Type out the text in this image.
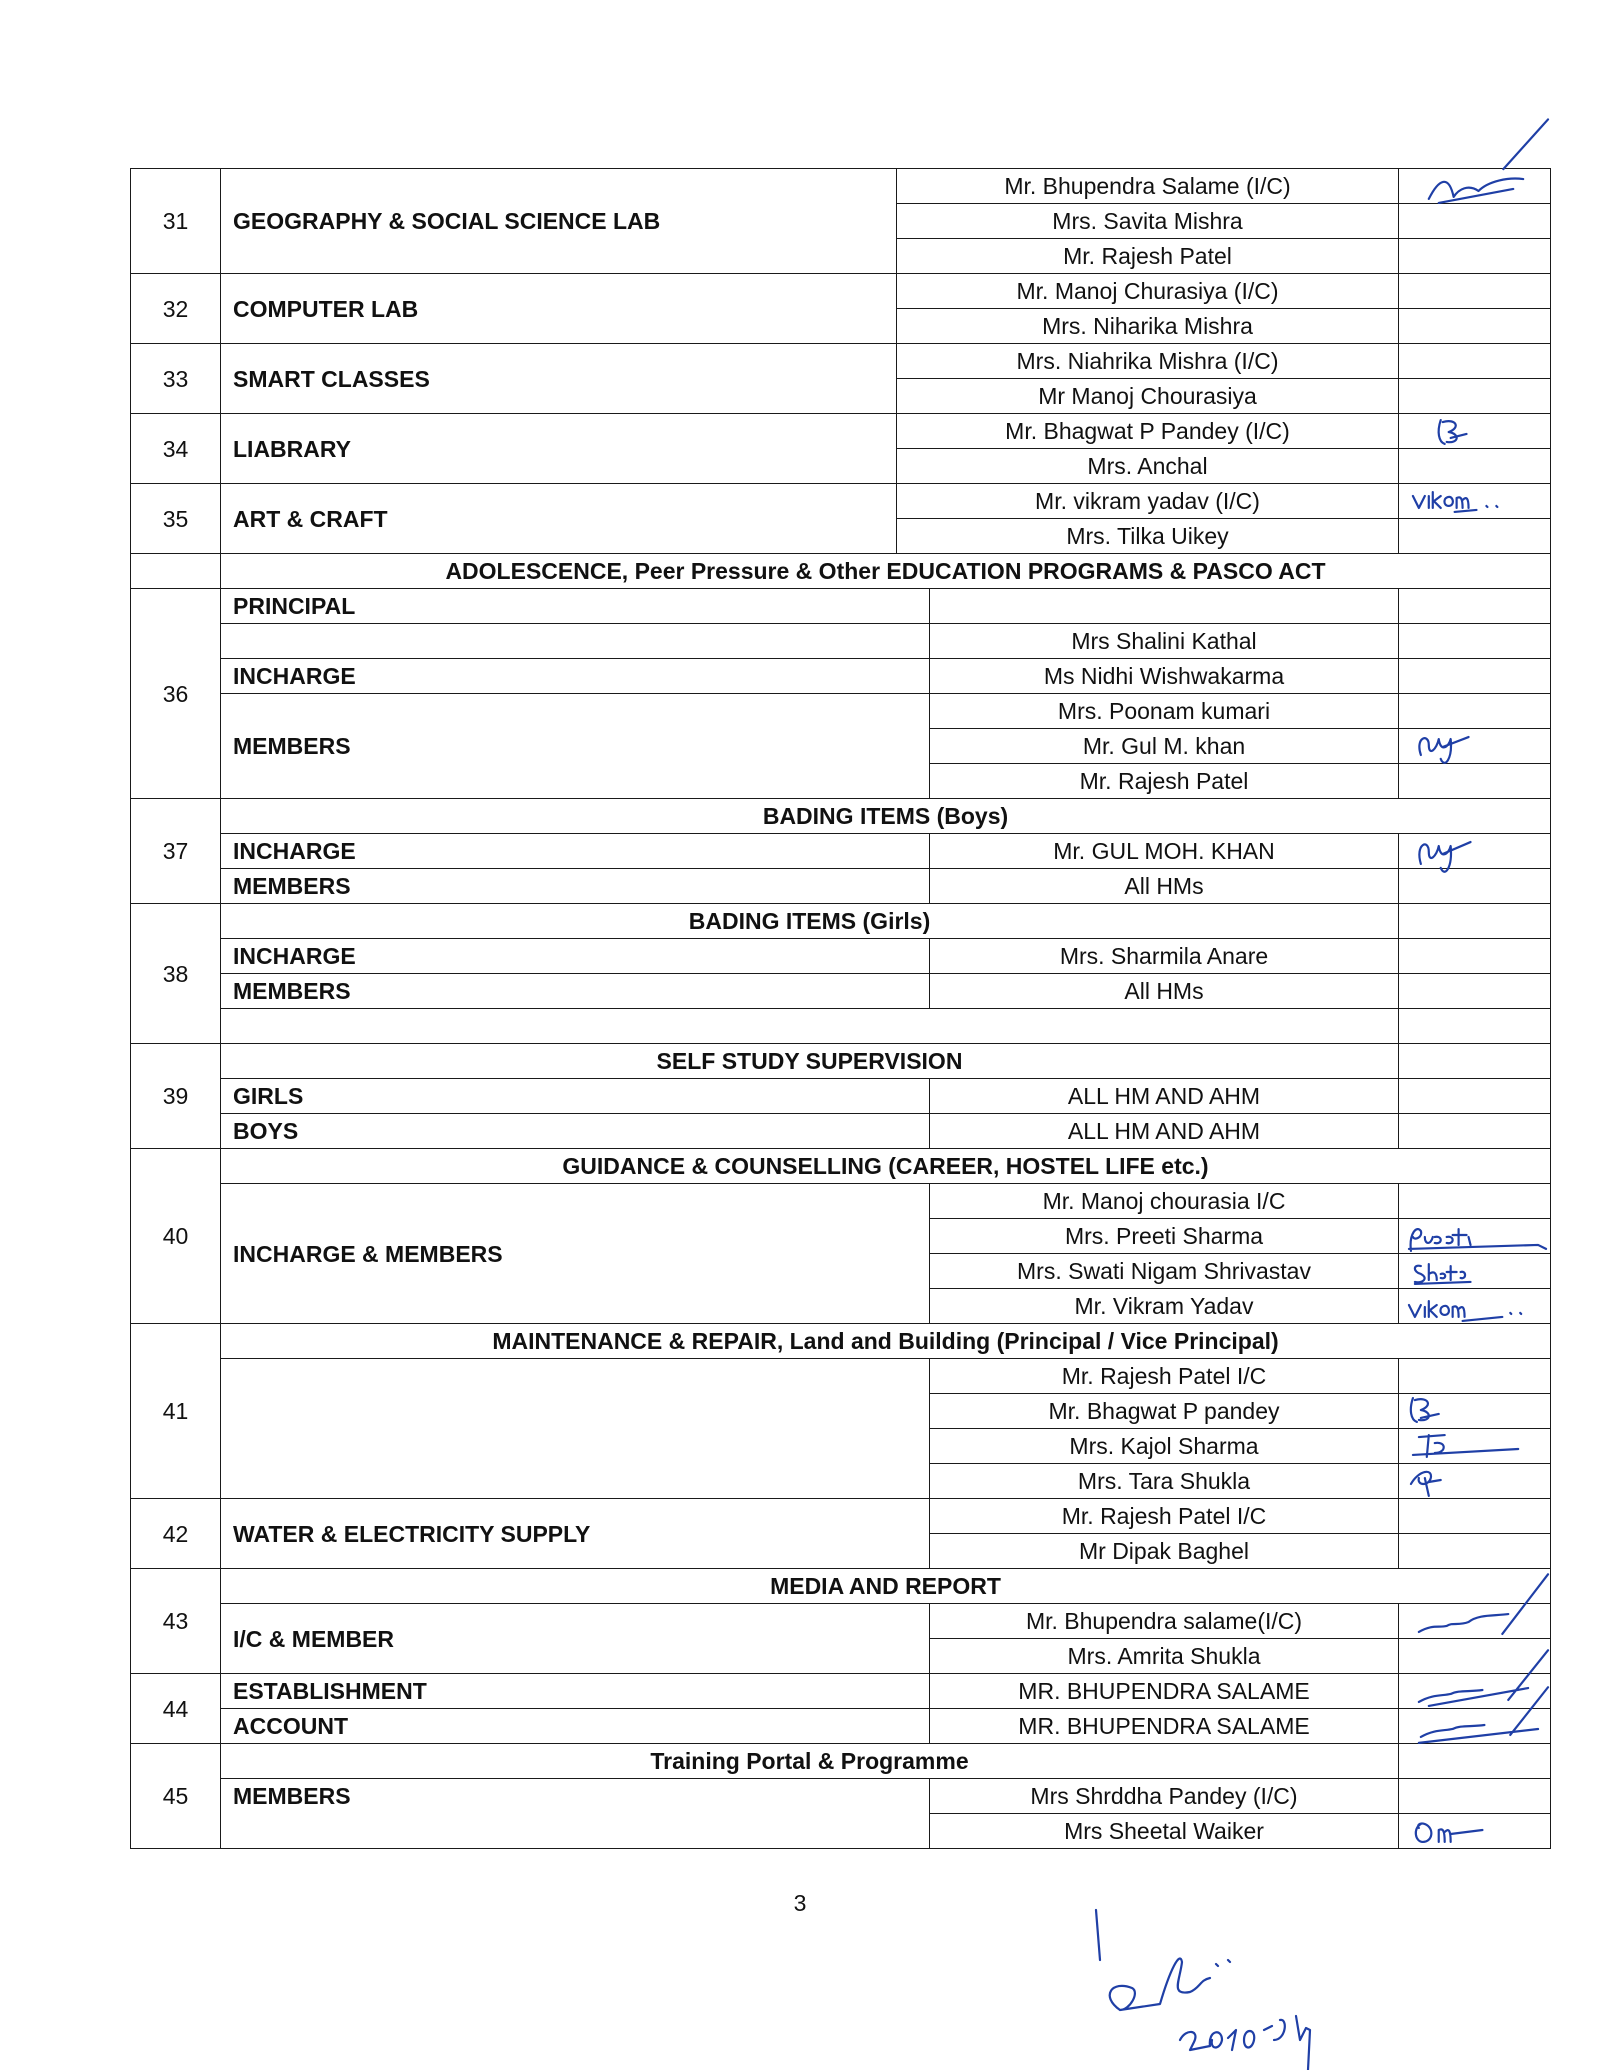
31	GEOGRAPHY & SOCIAL SCIENCE LAB	Mr. Bhupendra Salame (I/C)	

		Mrs. Savita Mishra		
		Mr. Rajesh Patel		
32	COMPUTER LAB	Mr. Manoj Churasiya (I/C)		
		Mrs. Niharika Mishra		
33	SMART CLASSES	Mrs. Niahrika Mishra (I/C)		
		Mr Manoj Chourasiya		
34	LIABRARY	Mr. Bhagwat P Pandey (I/C)	

		Mrs. Anchal		
35	ART & CRAFT	Mr. vikram yadav (I/C)	

		Mrs. Tilka Uikey		
	ADOLESCENCE, Peer Pressure & Other EDUCATION PROGRAMS & PASCO ACT			
36	PRINCIPAL			
			Mrs Shalini Kathal	
	INCHARGE		Ms Nidhi Wishwakarma	
	MEMBERS		Mrs. Poonam kumari	
			Mr. Gul M. khan	

			Mr. Rajesh Patel	
37	BADING ITEMS (Boys)			
	INCHARGE		Mr. GUL MOH. KHAN	

	MEMBERS		All HMs	
38	BADING ITEMS (Girls)			
	INCHARGE		Mrs. Sharmila Anare	
	MEMBERS		All HMs	

39	SELF STUDY SUPERVISION			
	GIRLS		ALL HM AND AHM	
	BOYS		ALL HM AND AHM	
40	GUIDANCE & COUNSELLING (CAREER, HOSTEL LIFE etc.)			
	INCHARGE & MEMBERS		Mr. Manoj chourasia I/C	
			Mrs. Preeti Sharma	

			Mrs. Swati Nigam Shrivastav	

			Mr. Vikram Yadav	

41	MAINTENANCE & REPAIR, Land and Building (Principal / Vice Principal)			
			Mr. Rajesh Patel I/C	
			Mr. Bhagwat P pandey	

			Mrs. Kajol Sharma	

			Mrs. Tara Shukla	

42	WATER & ELECTRICITY SUPPLY		Mr. Rajesh Patel I/C	
			Mr Dipak Baghel	
43	MEDIA AND REPORT			
	I/C & MEMBER		Mr. Bhupendra salame(I/C)	

			Mrs. Amrita Shukla	
44	ESTABLISHMENT		MR. BHUPENDRA SALAME	

	ACCOUNT		MR. BHUPENDRA SALAME	

45	Training Portal & Programme			
	MEMBERS		Mrs Shrddha Pandey (I/C)	
			Mrs Sheetal Waiker	
3
